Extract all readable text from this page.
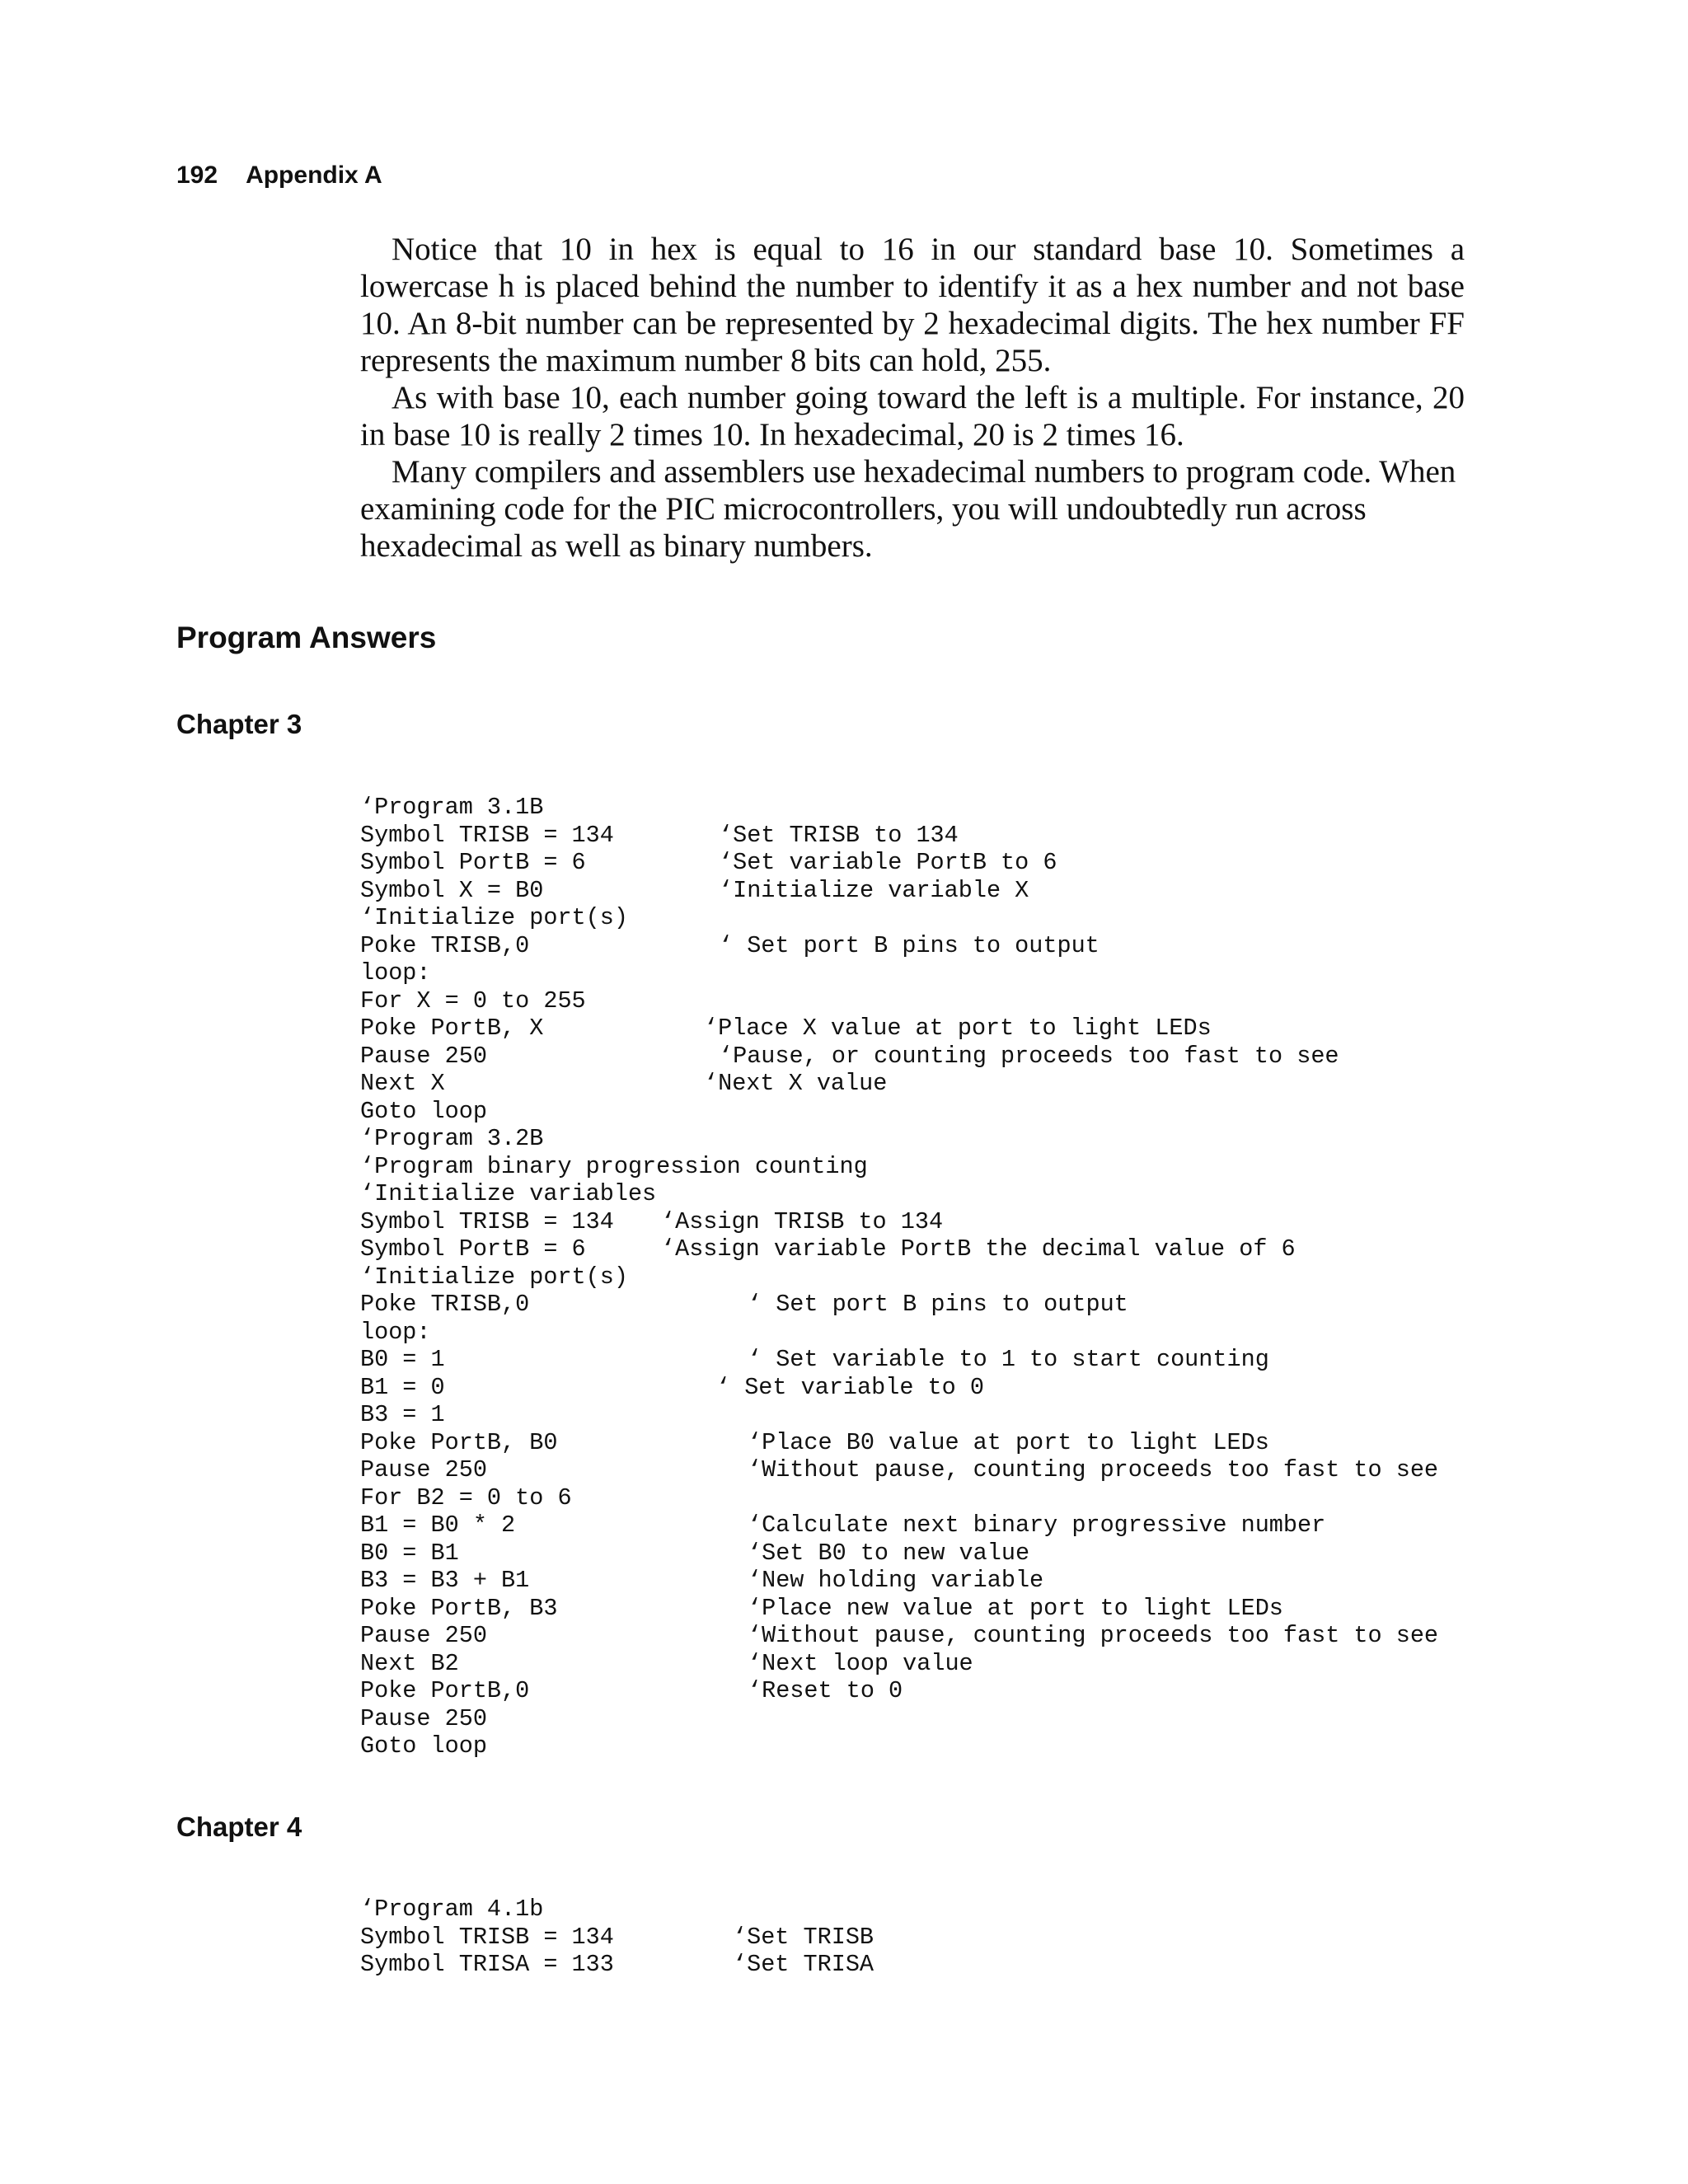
192 Appendix A

Notice that 10 in hex is equal to 16 in our standard base 10. Sometimes a lowercase h is placed behind the number to identify it as a hex number and not base 10. An 8-bit number can be represented by 2 hexadecimal digits. The hex number FF represents the maximum number 8 bits can hold, 255.

As with base 10, each number going toward the left is a multiple. For instance, 20 in base 10 is really 2 times 10. In hexadecimal, 20 is 2 times 16.

Many compilers and assemblers use hexadecimal numbers to program code. When examining code for the PIC microcontrollers, you will undoubtedly run across hexadecimal as well as binary numbers.

Program Answers
Chapter 3
‘Program 3.1B
Symbol TRISB = 134	‘Set TRISB to 134
Symbol PortB = 6	‘Set variable PortB to 6
Symbol X = B0	‘Initialize variable X
‘Initialize port(s)
Poke TRISB,0	‘ Set port B pins to output
loop:
For X = 0 to 255
Poke PortB, X	‘Place X value at port to light LEDs
Pause 250	‘Pause, or counting proceeds too fast to see
Next X	‘Next X value
Goto loop
‘Program 3.2B
‘Program binary progression counting
‘Initialize variables
Symbol TRISB = 134 ‘Assign TRISB to 134
Symbol PortB = 6	‘Assign variable PortB the decimal value of 6
‘Initialize port(s)
Poke TRISB,0	‘ Set port B pins to output
loop:
B0 = 1	‘ Set variable to 1 to start counting
B1 = 0	‘ Set variable to 0
B3 = 1
Poke PortB, B0	‘Place B0 value at port to light LEDs
Pause 250	‘Without pause, counting proceeds too fast to see
For B2 = 0 to 6
B1 = B0 * 2	‘Calculate next binary progressive number
B0 = B1	‘Set B0 to new value
B3 = B3 + B1	‘New holding variable
Poke PortB, B3	‘Place new value at port to light LEDs
Pause 250	‘Without pause, counting proceeds too fast to see
Next B2	‘Next loop value
Poke PortB,0	‘Reset to 0
Pause 250
Goto loop
Chapter 4
‘Program 4.1b
Symbol TRISB = 134	‘Set TRISB
Symbol TRISA = 133	‘Set TRISA
